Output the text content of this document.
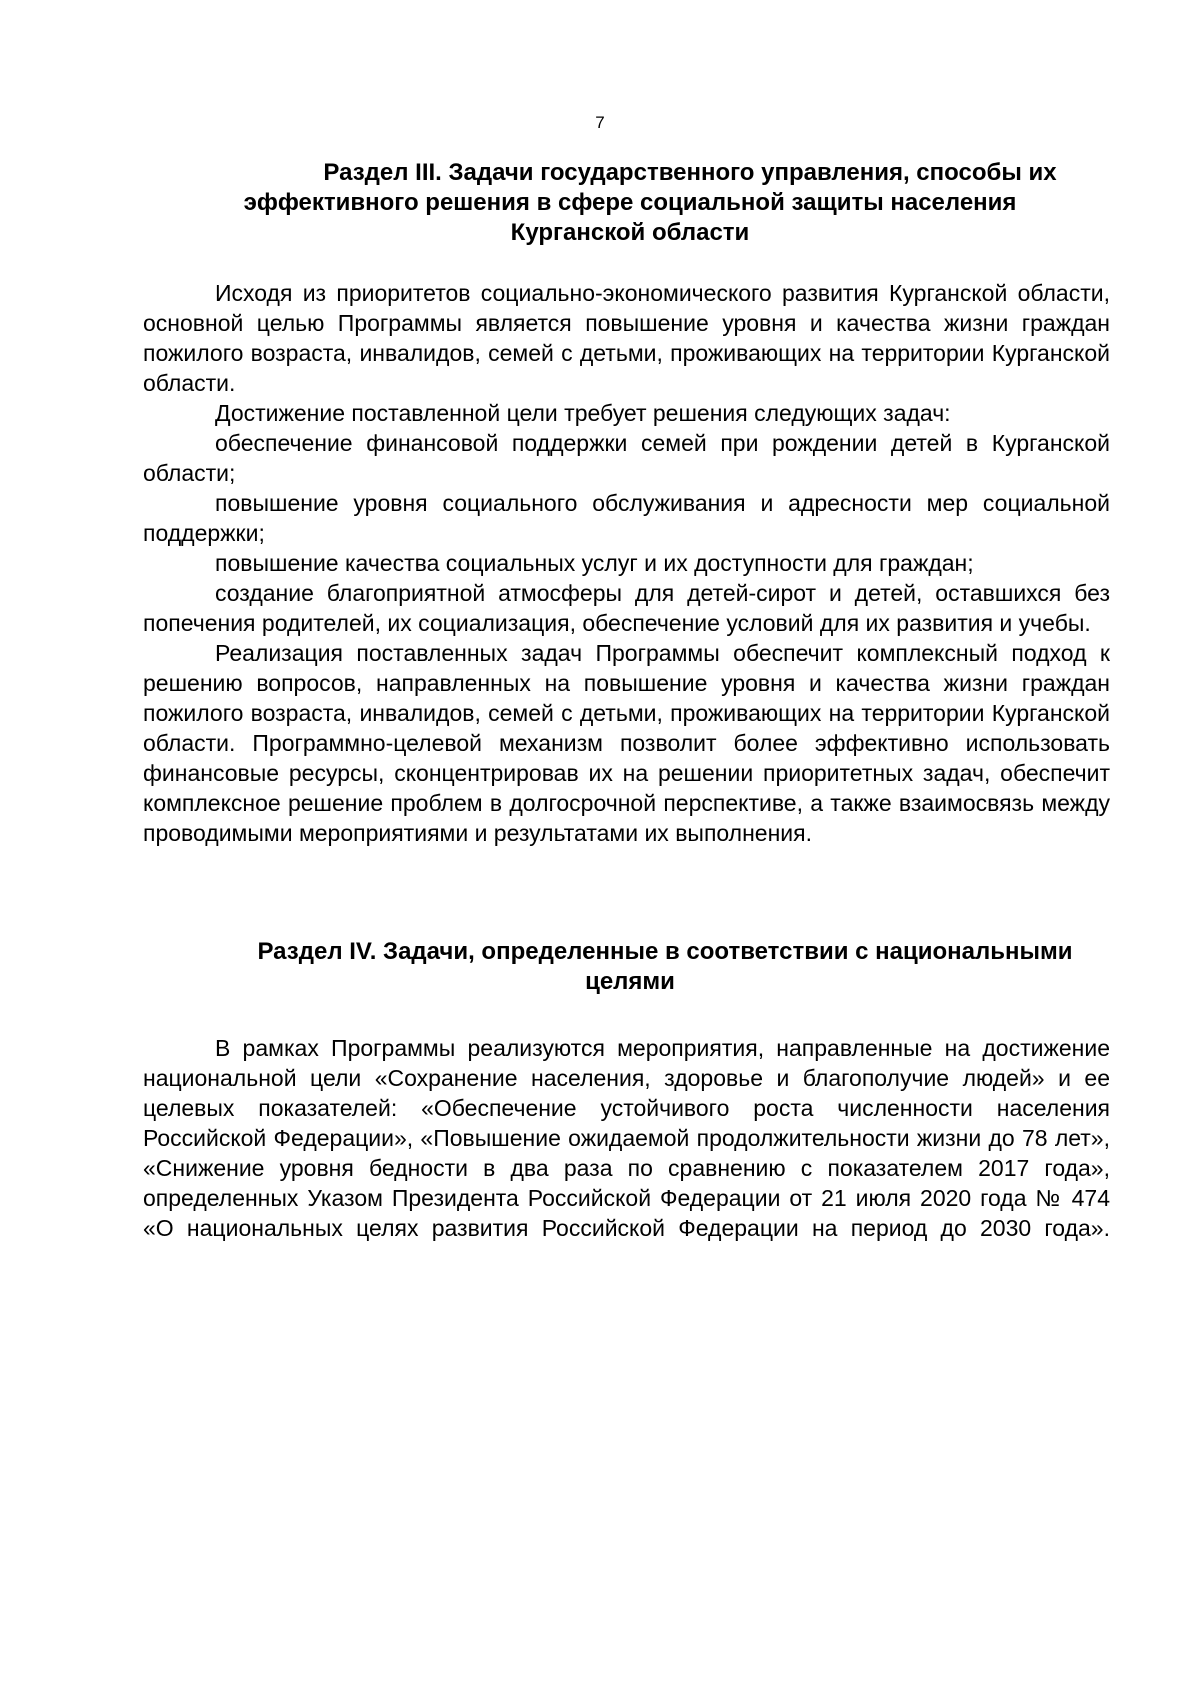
7
Раздел III. Задачи государственного управления, способы их
эффективного решения в сфере социальной защиты населения
Курганской области

Исходя из приоритетов социально-экономического развития Курганской области, основной целью Программы является повышение уровня и качества жизни граждан пожилого возраста, инвалидов, семей с детьми, проживающих на территории Курганской области.

Достижение поставленной цели требует решения следующих задач:

обеспечение финансовой поддержки семей при рождении детей в Курганской области;

повышение уровня социального обслуживания и адресности мер социальной поддержки;

повышение качества социальных услуг и их доступности для граждан;

создание благоприятной атмосферы для детей-сирот и детей, оставшихся без попечения родителей, их социализация, обеспечение условий для их развития и учебы.

Реализация поставленных задач Программы обеспечит комплексный подход к решению вопросов, направленных на повышение уровня и качества жизни граждан пожилого возраста, инвалидов, семей с детьми, проживающих на территории Курганской области. Программно-целевой механизм позволит более эффективно использовать финансовые ресурсы, сконцентрировав их на решении приоритетных задач, обеспечит комплексное решение проблем в долгосрочной перспективе, а также взаимосвязь между проводимыми мероприятиями и результатами их выполнения.

Раздел IV. Задачи, определенные в соответствии с национальными
целями

В рамках Программы реализуются мероприятия, направленные на достижение национальной цели «Сохранение населения, здоровье и благополучие людей» и ее целевых показателей: «Обеспечение устойчивого роста численности населения Российской Федерации», «Повышение ожидаемой продолжительности жизни до 78 лет», «Снижение уровня бедности в два раза по сравнению с показателем 2017 года», определенных Указом Президента Российской Федерации от 21 июля 2020 года № 474 «О национальных целях развития Российской Федерации на период до 2030 года».
